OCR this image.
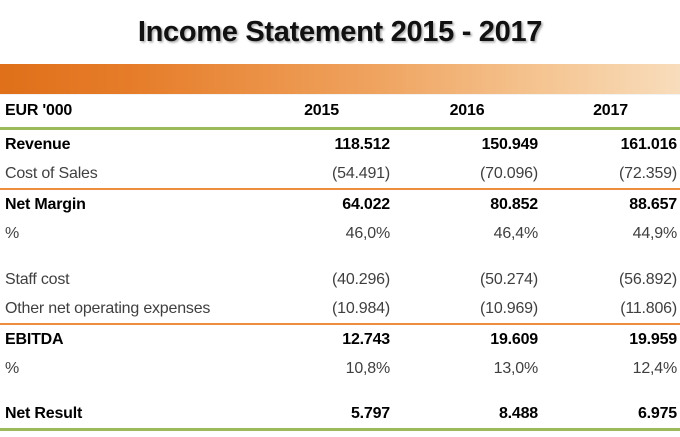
Income Statement 2015 - 2017
EUR '000	2015	2016	2017
Revenue	118.512	150.949	161.016
Cost of Sales	(54.491)	(70.096)	(72.359)
Net Margin	64.022	80.852	88.657
%	46,0%	46,4%	44,9%
Staff cost	(40.296)	(50.274)	(56.892)
Other net operating expenses	(10.984)	(10.969)	(11.806)
EBITDA	12.743	19.609	19.959
%	10,8%	13,0%	12,4%
Net Result	5.797	8.488	6.975
